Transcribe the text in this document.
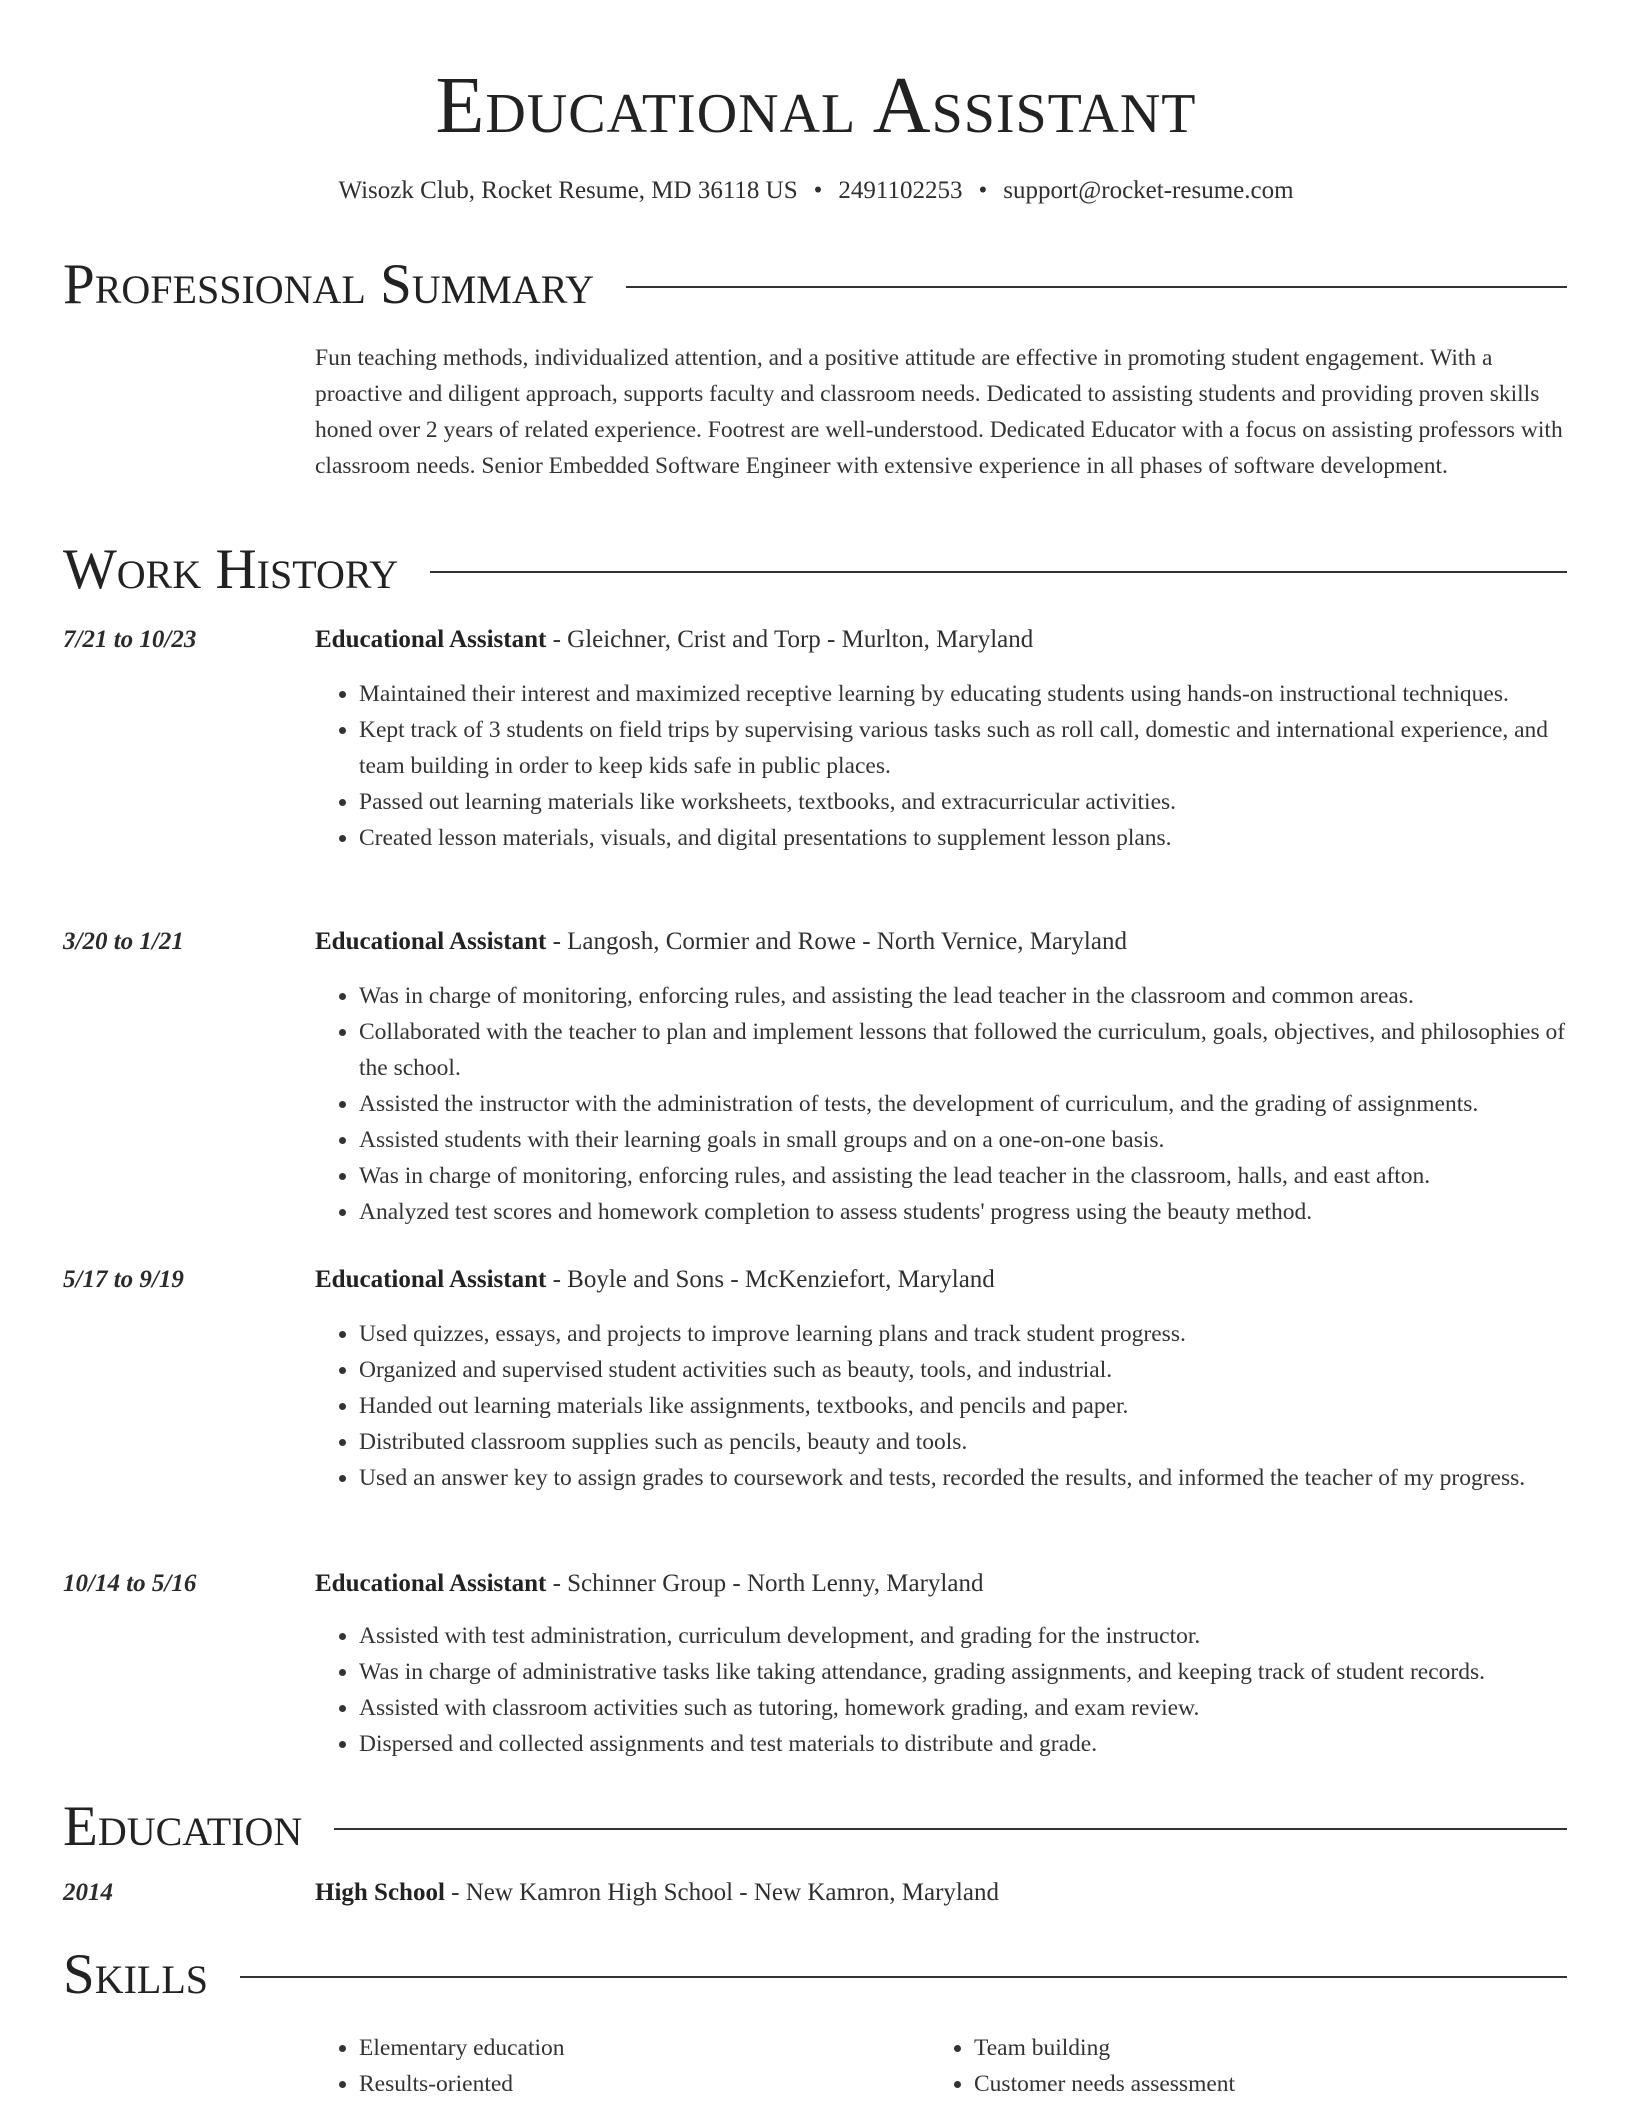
Educational Assistant
Wisozk Club, Rocket Resume, MD 36118 US • 2491102253 • support@rocket-resume.com
Professional Summary
Fun teaching methods, individualized attention, and a positive attitude are effective in promoting student engagement. With a proactive and diligent approach, supports faculty and classroom needs. Dedicated to assisting students and providing proven skills honed over 2 years of related experience. Footrest are well-understood. Dedicated Educator with a focus on assisting professors with classroom needs. Senior Embedded Software Engineer with extensive experience in all phases of software development.
Work History
7/21 to 10/23	Educational Assistant - Gleichner, Crist and Torp - Murlton, Maryland
• Maintained their interest and maximized receptive learning by educating students using hands-on instructional techniques.
• Kept track of 3 students on field trips by supervising various tasks such as roll call, domestic and international experience, and team building in order to keep kids safe in public places.
• Passed out learning materials like worksheets, textbooks, and extracurricular activities.
• Created lesson materials, visuals, and digital presentations to supplement lesson plans.
3/20 to 1/21	Educational Assistant - Langosh, Cormier and Rowe - North Vernice, Maryland
• Was in charge of monitoring, enforcing rules, and assisting the lead teacher in the classroom and common areas.
• Collaborated with the teacher to plan and implement lessons that followed the curriculum, goals, objectives, and philosophies of the school.
• Assisted the instructor with the administration of tests, the development of curriculum, and the grading of assignments.
• Assisted students with their learning goals in small groups and on a one-on-one basis.
• Was in charge of monitoring, enforcing rules, and assisting the lead teacher in the classroom, halls, and east afton.
• Analyzed test scores and homework completion to assess students' progress using the beauty method.
5/17 to 9/19	Educational Assistant - Boyle and Sons - McKenziefort, Maryland
• Used quizzes, essays, and projects to improve learning plans and track student progress.
• Organized and supervised student activities such as beauty, tools, and industrial.
• Handed out learning materials like assignments, textbooks, and pencils and paper.
• Distributed classroom supplies such as pencils, beauty and tools.
• Used an answer key to assign grades to coursework and tests, recorded the results, and informed the teacher of my progress.
10/14 to 5/16	Educational Assistant - Schinner Group - North Lenny, Maryland
• Assisted with test administration, curriculum development, and grading for the instructor.
• Was in charge of administrative tasks like taking attendance, grading assignments, and keeping track of student records.
• Assisted with classroom activities such as tutoring, homework grading, and exam review.
• Dispersed and collected assignments and test materials to distribute and grade.
Education
2014	High School - New Kamron High School - New Kamron, Maryland
Skills
• Elementary education
• Results-oriented
• Team building
• Customer needs assessment
